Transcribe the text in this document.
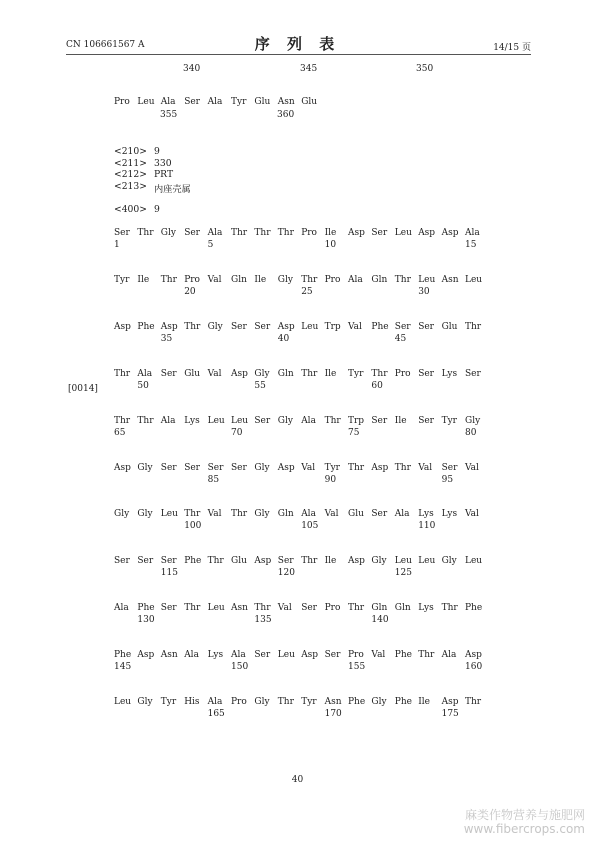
CN 106661567 A	序 列 表	14/15 页
340	345	350
Pro Leu Ala Ser Ala Tyr Glu Asn Glu
355	360
<210> 9
<211> 330
<212> PRT
<213> 内座壳属
<400> 9
[0014]
Ser Thr Gly Ser Ala Thr Thr Thr Pro Ile	Asp Ser Leu Asp Asp Ala
1	5	10	15
Tyr Ile	Thr Pro Val	Gln Ile	Gly Thr Pro Ala Gln Thr Leu Asn Leu
20	25	30
Asp Phe Asp Thr Gly Ser Ser Asp Leu Trp Val	Phe Ser Ser Glu Thr
35	40	45
Thr Ala Ser Glu Val	Asp Gly Gln Thr Ile	Tyr Thr Pro Ser Lys Ser
50	55	60
Thr Thr Ala Lys Leu Leu Ser Gly Ala Thr Trp Ser Ile	Ser Tyr Gly
65	70	75	80
Asp Gly Ser Ser Ser Ser Gly Asp Val	Tyr Thr Asp Thr Val	Ser Val
85	90	95
Gly Gly Leu Thr Val	Thr Gly Gln Ala Val	Glu Ser Ala Lys Lys Val
100	105	110
Ser Ser Ser Phe Thr Glu Asp Ser Thr Ile	Asp Gly Leu Leu Gly Leu
115	120	125
Ala Phe Ser Thr Leu Asn Thr Val	Ser Pro Thr Gln Gln Lys Thr Phe
130	135	140
Phe Asp Asn Ala Lys Ala Ser Leu Asp Ser Pro Val	Phe Thr Ala Asp
145	150	155	160
Leu Gly Tyr His Ala Pro Gly Thr Tyr Asn Phe Gly Phe Ile	Asp Thr
165	170	175
40
麻类作物营养与施肥网
www.fibercrops.com
